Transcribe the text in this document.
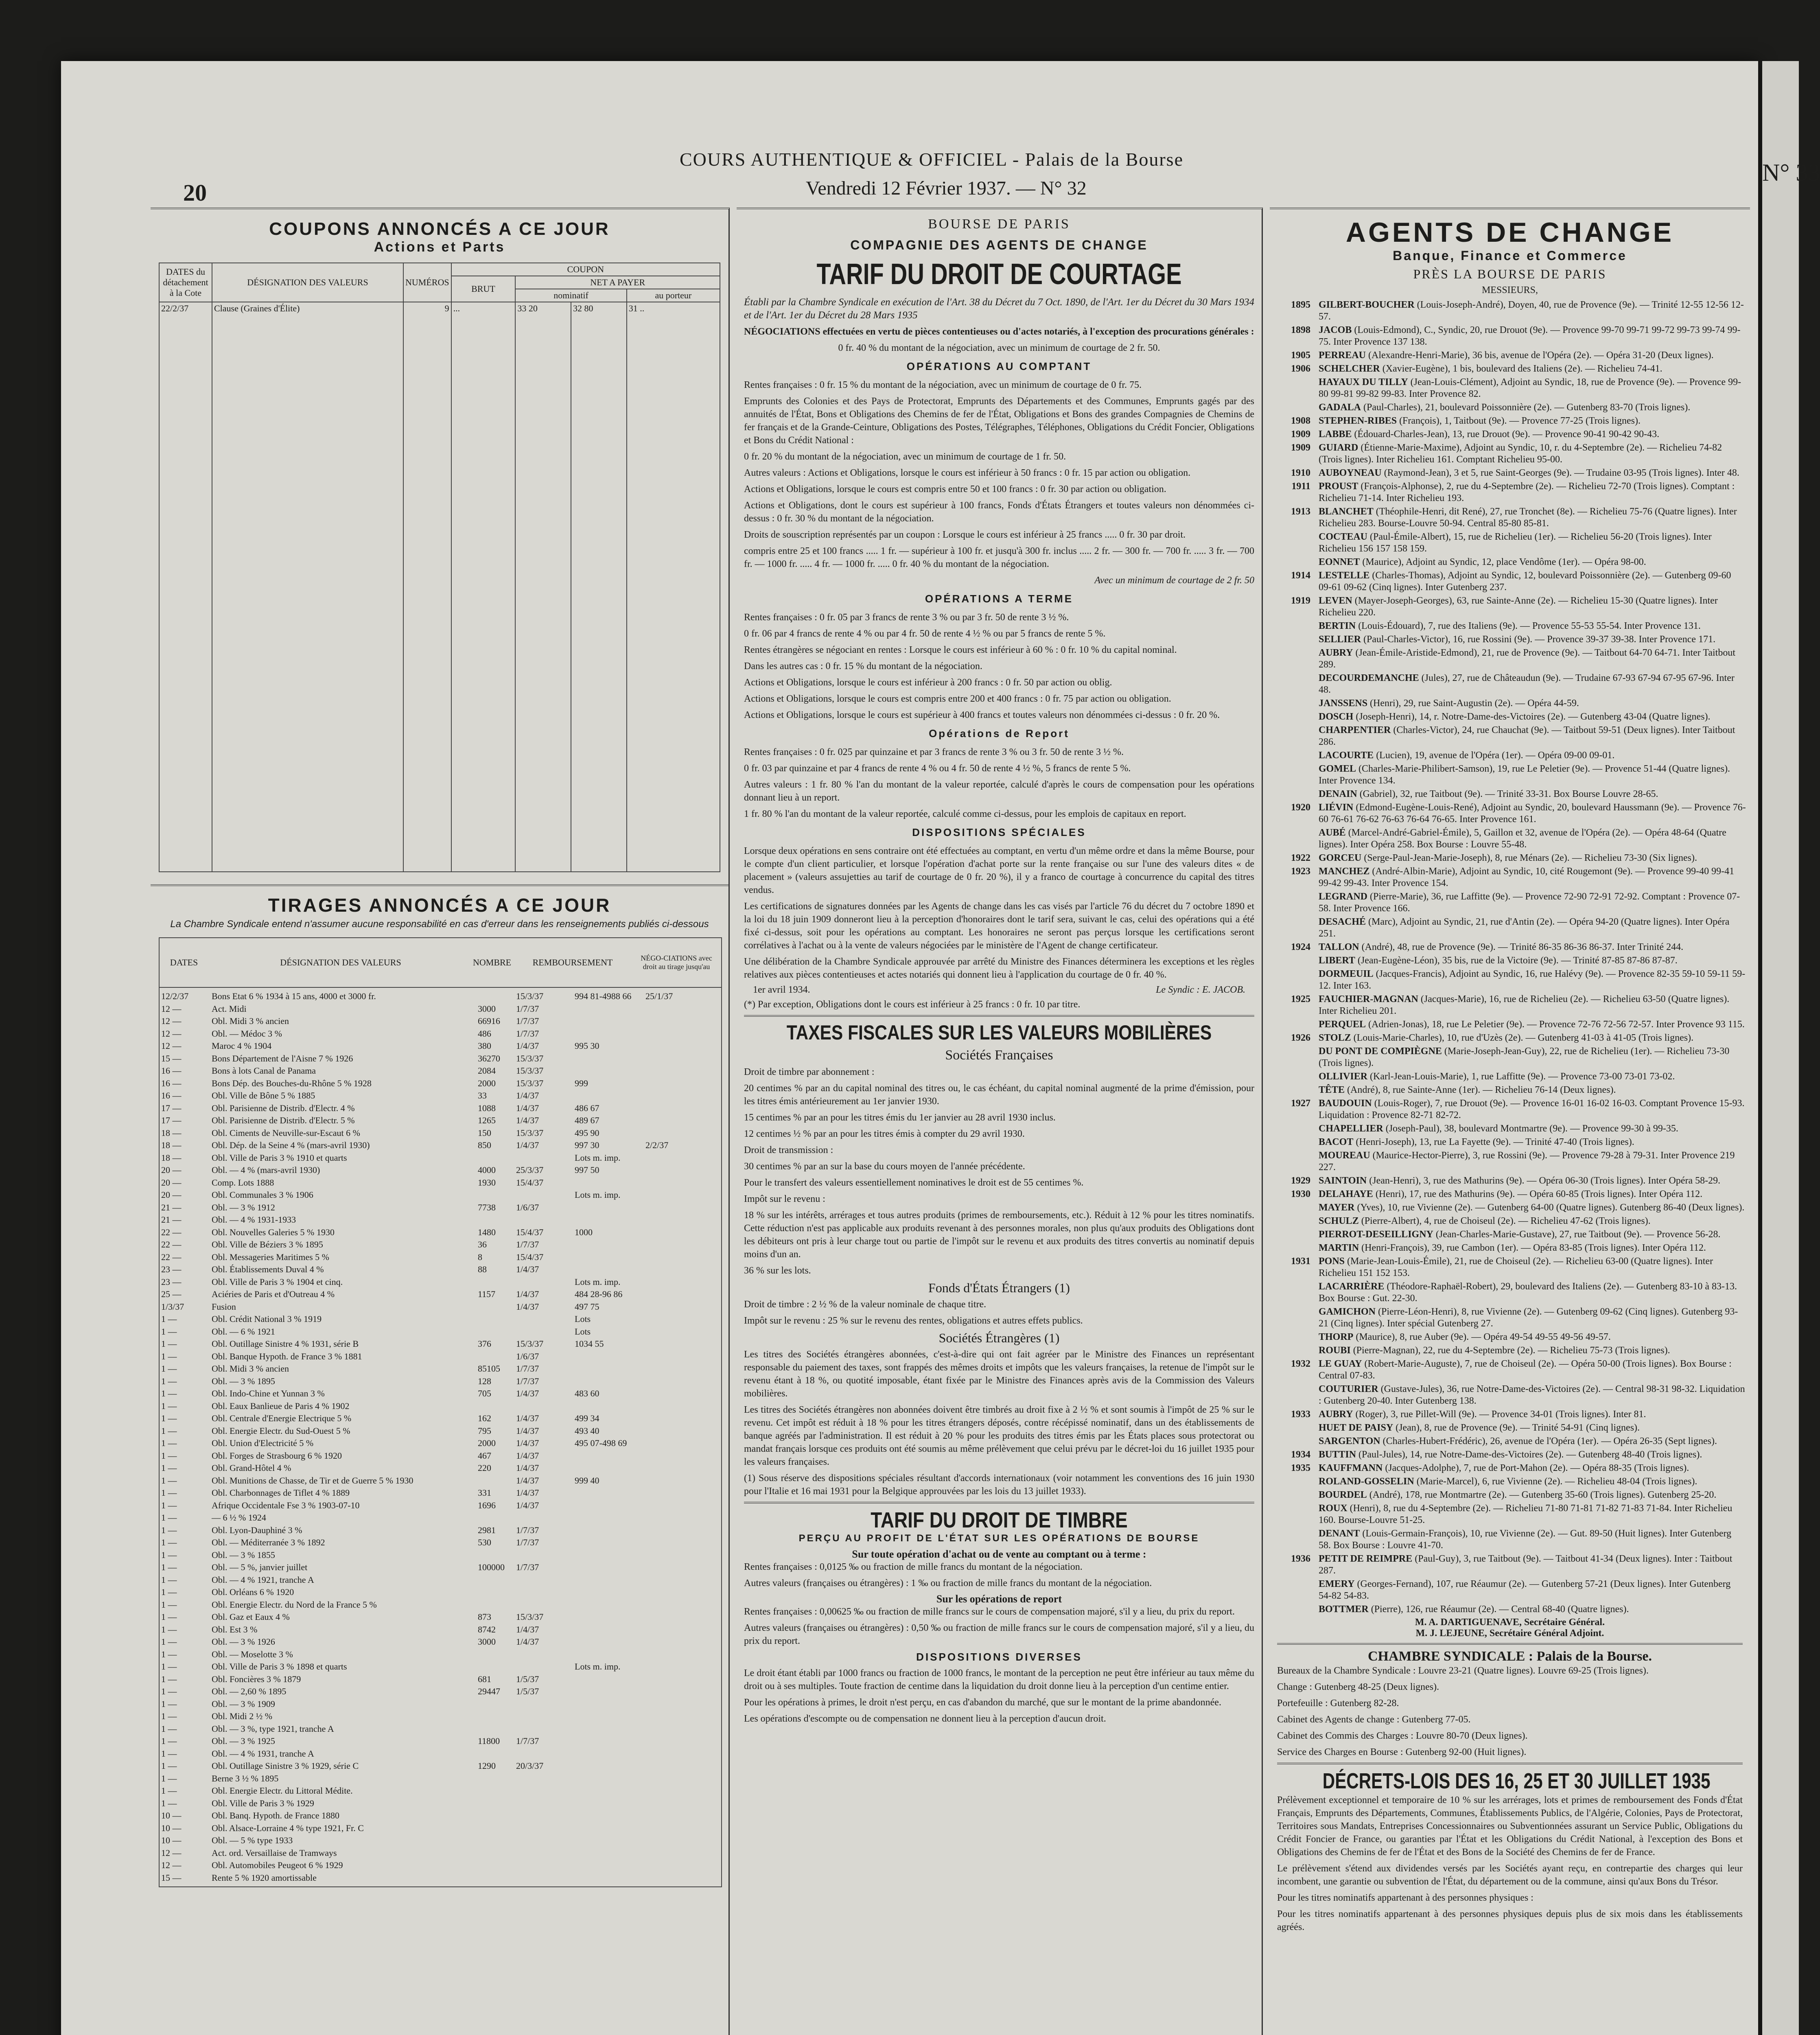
20
COURS AUTHENTIQUE & OFFICIEL - Palais de la Bourse
Vendredi 12 Février 1937. — N° 32
COUPONS ANNONCÉS A CE JOUR
Actions et Parts
DATES du détachement à la Cote	DÉSIGNATION DES VALEURS	NUMÉROS	COUPON			
			BRUT	NET A PAYER		
				nominatif		au porteur
22/2/37	Clause (Graines d'Élite)	9	...	33 20	32 80	31 ..
TIRAGES ANNONCÉS A CE JOUR
La Chambre Syndicale entend n'assumer aucune responsabilité en cas d'erreur dans les renseignements publiés ci-dessous
DATES	DÉSIGNATION DES VALEURS	NOMBRE	REMBOURSEMENT	NÉGO-CIATIONS avec droit au tirage jusqu'au
12/2/37	Bons Etat 6 % 1934 à 15 ans, 4000 et 3000 fr.	15/3/37	994 81-4988 66 25/1/37
12 —	Act. Midi	3000 1/7/37
12 —	Obl. Midi 3 % ancien	66916 1/7/37
12 —	Obl. — Médoc 3 %	486	1/7/37
12 —	Maroc 4 % 1904	380	1/4/37	995 30
15 —	Bons Département de l'Aisne 7 % 1926	36270 15/3/37
16 —	Bons à lots Canal de Panama	2084 15/3/37
16 —	Bons Dép. des Bouches-du-Rhône 5 % 1928	2000 15/3/37	999
16 —	Obl. Ville de Bône 5 % 1885	33	1/4/37
17 —	Obl. Parisienne de Distrib. d'Electr. 4 %	1088 1/4/37	486 67
17 —	Obl. Parisienne de Distrib. d'Electr. 5 %	1265 1/4/37	489 67
18 —	Obl. Ciments de Neuville-sur-Escaut 6 %	150	15/3/37	495 90
18 —	Obl. Dép. de la Seine 4 % (mars-avril 1930)	850	1/4/37	997 30	2/2/37
18 —	Obl. Ville de Paris 3 % 1910 et quarts	Lots m. imp.
20 —	Obl. — 4 % (mars-avril 1930)	4000 25/3/37	997 50
20 —	Comp. Lots 1888	1930 15/4/37
20 —	Obl. Communales 3 % 1906	Lots m. imp.
21 —	Obl. — 3 % 1912	7738 1/6/37
21 —	Obl. — 4 % 1931-1933
22 —	Obl. Nouvelles Galeries 5 % 1930	1480 15/4/37	1000
22 —	Obl. Ville de Béziers 3 % 1895	36	1/7/37
22 —	Obl. Messageries Maritimes 5 %	8	15/4/37
23 —	Obl. Établissements Duval 4 %	88	1/4/37
23 —	Obl. Ville de Paris 3 % 1904 et cinq.	Lots m. imp.
25 —	Aciéries de Paris et d'Outreau 4 %	1157 1/4/37	484 28-96 86
1/3/37	Fusion	1/4/37	497 75
1 —	Obl. Crédit National 3 % 1919	Lots
1 —	Obl. — 6 % 1921	Lots
1 —	Obl. Outillage Sinistre 4 % 1931, série B	376	15/3/37	1034 55
1 —	Obl. Banque Hypoth. de France 3 % 1881	1/6/37
1 —	Obl. Midi 3 % ancien	85105 1/7/37
1 —	Obl. — 3 % 1895	128	1/7/37
1 —	Obl. Indo-Chine et Yunnan 3 %	705	1/4/37	483 60
1 —	Obl. Eaux Banlieue de Paris 4 % 1902
1 —	Obl. Centrale d'Energie Electrique 5 %	162	1/4/37	499 34
1 —	Obl. Energie Electr. du Sud-Ouest 5 %	795	1/4/37	493 40
1 —	Obl. Union d'Electricité 5 %	2000 1/4/37	495 07-498 69
1 —	Obl. Forges de Strasbourg 6 % 1920	467	1/4/37
1 —	Obl. Grand-Hôtel 4 %	220	1/4/37
1 —	Obl. Munitions de Chasse, de Tir et de Guerre 5 % 1930	1/4/37	999 40
1 —	Obl. Charbonnages de Tiflet 4 % 1889	331	1/4/37
1 —	Afrique Occidentale Fse 3 % 1903-07-10	1696 1/4/37
1 —	— 6 ½ % 1924
1 —	Obl. Lyon-Dauphiné 3 %	2981 1/7/37
1 —	Obl. — Méditerranée 3 % 1892	530	1/7/37
1 —	Obl. — 3 % 1855
1 —	Obl. — 5 %, janvier juillet	100000 1/7/37
1 —	Obl. — 4 % 1921, tranche A
1 —	Obl. Orléans 6 % 1920
1 —	Obl. Energie Electr. du Nord de la France 5 %
1 —	Obl. Gaz et Eaux 4 %	873	15/3/37
1 —	Obl. Est 3 %	8742 1/4/37
1 —	Obl. — 3 % 1926	3000 1/4/37
1 —	Obl. — Moselotte 3 %
1 —	Obl. Ville de Paris 3 % 1898 et quarts	Lots m. imp.
1 —	Obl. Foncières 3 % 1879	681	1/5/37
1 —	Obl. — 2,60 % 1895	29447 1/5/37
1 —	Obl. — 3 % 1909
1 —	Obl. Midi 2 ½ %
1 —	Obl. — 3 %, type 1921, tranche A
1 —	Obl. — 3 % 1925	11800 1/7/37
1 —	Obl. — 4 % 1931, tranche A
1 —	Obl. Outillage Sinistre 3 % 1929, série C	1290 20/3/37
1 —	Berne 3 ½ % 1895
1 —	Obl. Energie Electr. du Littoral Médite.
1 —	Obl. Ville de Paris 3 % 1929
10 —	Obl. Banq. Hypoth. de France 1880
10 —	Obl. Alsace-Lorraine 4 % type 1921, Fr. C
10 —	Obl. — 5 % type 1933
12 —	Act. ord. Versaillaise de Tramways
12 —	Obl. Automobiles Peugeot 6 % 1929
15 —	Rente 5 % 1920 amortissable
BOURSE DE PARIS
COMPAGNIE DES AGENTS DE CHANGE
TARIF DU DROIT DE COURTAGE
Établi par la Chambre Syndicale en exécution de l'Art. 38 du Décret du 7 Oct. 1890, de l'Art. 1er du Décret du 30 Mars 1934 et de l'Art. 1er du Décret du 28 Mars 1935
NÉGOCIATIONS effectuées en vertu de pièces contentieuses ou d'actes notariés, à l'exception des procurations générales :
0 fr. 40 % du montant de la négociation, avec un minimum de courtage de 2 fr. 50.
OPÉRATIONS AU COMPTANT
Rentes françaises : 0 fr. 15 % du montant de la négociation, avec un minimum de courtage de 0 fr. 75.
Emprunts des Colonies et des Pays de Protectorat, Emprunts des Départements et des Communes, Emprunts gagés par des annuités de l'État, Bons et Obligations des Chemins de fer de l'État, Obligations et Bons des grandes Compagnies de Chemins de fer français et de la Grande-Ceinture, Obligations des Postes, Télégraphes, Téléphones, Obligations du Crédit Foncier, Obligations et Bons du Crédit National :
0 fr. 20 % du montant de la négociation, avec un minimum de courtage de 1 fr. 50.
Autres valeurs : Actions et Obligations, lorsque le cours est inférieur à 50 francs : 0 fr. 15 par action ou obligation.
Actions et Obligations, lorsque le cours est compris entre 50 et 100 francs : 0 fr. 30 par action ou obligation.
Actions et Obligations, dont le cours est supérieur à 100 francs, Fonds d'États Étrangers et toutes valeurs non dénommées ci-dessus : 0 fr. 30 % du montant de la négociation.
Droits de souscription représentés par un coupon : Lorsque le cours est inférieur à 25 francs ..... 0 fr. 30 par droit.
compris entre 25 et 100 francs ..... 1 fr. — supérieur à 100 fr. et jusqu'à 300 fr. inclus ..... 2 fr. — 300 fr. — 700 fr. ..... 3 fr. — 700 fr. — 1000 fr. ..... 4 fr. — 1000 fr. ..... 0 fr. 40 % du montant de la négociation.
Avec un minimum de courtage de 2 fr. 50
OPÉRATIONS A TERME
Rentes françaises : 0 fr. 05 par 3 francs de rente 3 % ou par 3 fr. 50 de rente 3 ½ %.
0 fr. 06 par 4 francs de rente 4 % ou par 4 fr. 50 de rente 4 ½ % ou par 5 francs de rente 5 %.
Rentes étrangères se négociant en rentes : Lorsque le cours est inférieur à 60 % : 0 fr. 10 % du capital nominal.
Dans les autres cas : 0 fr. 15 % du montant de la négociation.
Actions et Obligations, lorsque le cours est inférieur à 200 francs : 0 fr. 50 par action ou oblig.
Actions et Obligations, lorsque le cours est compris entre 200 et 400 francs : 0 fr. 75 par action ou obligation.
Actions et Obligations, lorsque le cours est supérieur à 400 francs et toutes valeurs non dénommées ci-dessus : 0 fr. 20 %.
Opérations de Report
Rentes françaises : 0 fr. 025 par quinzaine et par 3 francs de rente 3 % ou 3 fr. 50 de rente 3 ½ %.
0 fr. 03 par quinzaine et par 4 francs de rente 4 % ou 4 fr. 50 de rente 4 ½ %, 5 francs de rente 5 %.
Autres valeurs : 1 fr. 80 % l'an du montant de la valeur reportée, calculé d'après le cours de compensation pour les opérations donnant lieu à un report.
1 fr. 80 % l'an du montant de la valeur reportée, calculé comme ci-dessus, pour les emplois de capitaux en report.
DISPOSITIONS SPÉCIALES
Lorsque deux opérations en sens contraire ont été effectuées au comptant, en vertu d'un même ordre et dans la même Bourse, pour le compte d'un client particulier, et lorsque l'opération d'achat porte sur la rente française ou sur l'une des valeurs dites « de placement » (valeurs assujetties au tarif de courtage de 0 fr. 20 %), il y a franco de courtage à concurrence du capital des titres vendus.
Les certifications de signatures données par les Agents de change dans les cas visés par l'article 76 du décret du 7 octobre 1890 et la loi du 18 juin 1909 donneront lieu à la perception d'honoraires dont le tarif sera, suivant le cas, celui des opérations qui a été fixé ci-dessus, soit pour les opérations au comptant. Les honoraires ne seront pas perçus lorsque les certifications seront corrélatives à l'achat ou à la vente de valeurs négociées par le ministère de l'Agent de change certificateur.
Une délibération de la Chambre Syndicale approuvée par arrêté du Ministre des Finances déterminera les exceptions et les règles relatives aux pièces contentieuses et actes notariés qui donnent lieu à l'application du courtage de 0 fr. 40 %.
1er avril 1934.	Le Syndic : E. JACOB.
(*) Par exception, Obligations dont le cours est inférieur à 25 francs : 0 fr. 10 par titre.
TAXES FISCALES SUR LES VALEURS MOBILIÈRES
Sociétés Françaises
Droit de timbre par abonnement :
20 centimes % par an du capital nominal des titres ou, le cas échéant, du capital nominal augmenté de la prime d'émission, pour les titres émis antérieurement au 1er janvier 1930.
15 centimes % par an pour les titres émis du 1er janvier au 28 avril 1930 inclus.
12 centimes ½ % par an pour les titres émis à compter du 29 avril 1930.
Droit de transmission :
30 centimes % par an sur la base du cours moyen de l'année précédente.
Pour le transfert des valeurs essentiellement nominatives le droit est de 55 centimes %.
Impôt sur le revenu :
18 % sur les intérêts, arrérages et tous autres produits (primes de remboursements, etc.). Réduit à 12 % pour les titres nominatifs. Cette réduction n'est pas applicable aux produits revenant à des personnes morales, non plus qu'aux produits des Obligations dont les débiteurs ont pris à leur charge tout ou partie de l'impôt sur le revenu et aux produits des titres convertis au nominatif depuis moins d'un an.
36 % sur les lots.
Fonds d'États Étrangers (1)
Droit de timbre : 2 ½ % de la valeur nominale de chaque titre.
Impôt sur le revenu : 25 % sur le revenu des rentes, obligations et autres effets publics.
Sociétés Étrangères (1)
Les titres des Sociétés étrangères abonnées, c'est-à-dire qui ont fait agréer par le Ministre des Finances un représentant responsable du paiement des taxes, sont frappés des mêmes droits et impôts que les valeurs françaises, la retenue de l'impôt sur le revenu étant à 18 %, ou quotité imposable, étant fixée par le Ministre des Finances après avis de la Commission des Valeurs mobilières.
Les titres des Sociétés étrangères non abonnées doivent être timbrés au droit fixe à 2 ½ % et sont soumis à l'impôt de 25 % sur le revenu. Cet impôt est réduit à 18 % pour les titres étrangers déposés, contre récépissé nominatif, dans un des établissements de banque agréés par l'administration. Il est réduit à 20 % pour les produits des titres émis par les États places sous protectorat ou mandat français lorsque ces produits ont été soumis au même prélèvement que celui prévu par le décret-loi du 16 juillet 1935 pour les valeurs françaises.
(1) Sous réserve des dispositions spéciales résultant d'accords internationaux (voir notamment les conventions des 16 juin 1930 pour l'Italie et 16 mai 1931 pour la Belgique approuvées par les lois du 13 juillet 1933).
TARIF DU DROIT DE TIMBRE
PERÇU AU PROFIT DE L'ÉTAT SUR LES OPÉRATIONS DE BOURSE
Sur toute opération d'achat ou de vente au comptant ou à terme :
Rentes françaises : 0,0125 ‰ ou fraction de mille francs du montant de la négociation.
Autres valeurs (françaises ou étrangères) : 1 ‰ ou fraction de mille francs du montant de la négociation.
Sur les opérations de report
Rentes françaises : 0,00625 ‰ ou fraction de mille francs sur le cours de compensation majoré, s'il y a lieu, du prix du report.
Autres valeurs (françaises ou étrangères) : 0,50 ‰ ou fraction de mille francs sur le cours de compensation majoré, s'il y a lieu, du prix du report.
DISPOSITIONS DIVERSES
Le droit étant établi par 1000 francs ou fraction de 1000 francs, le montant de la perception ne peut être inférieur au taux même du droit ou à ses multiples. Toute fraction de centime dans la liquidation du droit donne lieu à la perception d'un centime entier.
Pour les opérations à primes, le droit n'est perçu, en cas d'abandon du marché, que sur le montant de la prime abandonnée.
Les opérations d'escompte ou de compensation ne donnent lieu à la perception d'aucun droit.
AGENTS DE CHANGE
Banque, Finance et Commerce
PRÈS LA BOURSE DE PARIS
MESSIEURS,
1895 GILBERT-BOUCHER (Louis-Joseph-André), Doyen, 40, rue de Provence (9e). — Trinité 12-55 12-56 12-57.
1898 JACOB (Louis-Edmond), C., Syndic, 20, rue Drouot (9e). — Provence 99-70 99-71 99-72 99-73 99-74 99-75. Inter Provence 137 138.
1905 PERREAU (Alexandre-Henri-Marie), 36 bis, avenue de l'Opéra (2e). — Opéra 31-20 (Deux lignes).
1906 SCHELCHER (Xavier-Eugène), 1 bis, boulevard des Italiens (2e). — Richelieu 74-41.
HAYAUX DU TILLY (Jean-Louis-Clément), Adjoint au Syndic, 18, rue de Provence (9e). — Provence 99-80 99-81 99-82 99-83. Inter Provence 82.
GADALA (Paul-Charles), 21, boulevard Poissonnière (2e). — Gutenberg 83-70 (Trois lignes).
1908 STEPHEN-RIBES (François), 1, Taitbout (9e). — Provence 77-25 (Trois lignes).
1909 LABBE (Édouard-Charles-Jean), 13, rue Drouot (9e). — Provence 90-41 90-42 90-43.
1909 GUIARD (Étienne-Marie-Maxime), Adjoint au Syndic, 10, r. du 4-Septembre (2e). — Richelieu 74-82 (Trois lignes). Inter Richelieu 161. Comptant Richelieu 95-00.
1910 AUBOYNEAU (Raymond-Jean), 3 et 5, rue Saint-Georges (9e). — Trudaine 03-95 (Trois lignes). Inter 48.
1911 PROUST (François-Alphonse), 2, rue du 4-Septembre (2e). — Richelieu 72-70 (Trois lignes). Comptant : Richelieu 71-14. Inter Richelieu 193.
1913 BLANCHET (Théophile-Henri, dit René), 27, rue Tronchet (8e). — Richelieu 75-76 (Quatre lignes). Inter Richelieu 283. Bourse-Louvre 50-94. Central 85-80 85-81.
COCTEAU (Paul-Émile-Albert), 15, rue de Richelieu (1er). — Richelieu 56-20 (Trois lignes). Inter Richelieu 156 157 158 159.
EONNET (Maurice), Adjoint au Syndic, 12, place Vendôme (1er). — Opéra 98-00.
1914 LESTELLE (Charles-Thomas), Adjoint au Syndic, 12, boulevard Poissonnière (2e). — Gutenberg 09-60 09-61 09-62 (Cinq lignes). Inter Gutenberg 237.
1919 LEVEN (Mayer-Joseph-Georges), 63, rue Sainte-Anne (2e). — Richelieu 15-30 (Quatre lignes). Inter Richelieu 220.
BERTIN (Louis-Édouard), 7, rue des Italiens (9e). — Provence 55-53 55-54. Inter Provence 131.
SELLIER (Paul-Charles-Victor), 16, rue Rossini (9e). — Provence 39-37 39-38. Inter Provence 171.
AUBRY (Jean-Émile-Aristide-Edmond), 21, rue de Provence (9e). — Taitbout 64-70 64-71. Inter Taitbout 289.
DECOURDEMANCHE (Jules), 27, rue de Châteaudun (9e). — Trudaine 67-93 67-94 67-95 67-96. Inter 48.
JANSSENS (Henri), 29, rue Saint-Augustin (2e). — Opéra 44-59.
DOSCH (Joseph-Henri), 14, r. Notre-Dame-des-Victoires (2e). — Gutenberg 43-04 (Quatre lignes).
CHARPENTIER (Charles-Victor), 24, rue Chauchat (9e). — Taitbout 59-51 (Deux lignes). Inter Taitbout 286.
LACOURTE (Lucien), 19, avenue de l'Opéra (1er). — Opéra 09-00 09-01.
GOMEL (Charles-Marie-Philibert-Samson), 19, rue Le Peletier (9e). — Provence 51-44 (Quatre lignes). Inter Provence 134.
DENAIN (Gabriel), 32, rue Taitbout (9e). — Trinité 33-31. Box Bourse Louvre 28-65.
1920 LIÉVIN (Edmond-Eugène-Louis-René), Adjoint au Syndic, 20, boulevard Haussmann (9e). — Provence 76-60 76-61 76-62 76-63 76-64 76-65. Inter Provence 161.
AUBÉ (Marcel-André-Gabriel-Émile), 5, Gaillon et 32, avenue de l'Opéra (2e). — Opéra 48-64 (Quatre lignes). Inter Opéra 258. Box Bourse : Louvre 55-48.
1922 GORCEU (Serge-Paul-Jean-Marie-Joseph), 8, rue Ménars (2e). — Richelieu 73-30 (Six lignes).
1923 MANCHEZ (André-Albin-Marie), Adjoint au Syndic, 10, cité Rougemont (9e). — Provence 99-40 99-41 99-42 99-43. Inter Provence 154.
LEGRAND (Pierre-Marie), 36, rue Laffitte (9e). — Provence 72-90 72-91 72-92. Comptant : Provence 07-58. Inter Provence 166.
DESACHÉ (Marc), Adjoint au Syndic, 21, rue d'Antin (2e). — Opéra 94-20 (Quatre lignes). Inter Opéra 251.
1924 TALLON (André), 48, rue de Provence (9e). — Trinité 86-35 86-36 86-37. Inter Trinité 244.
LIBERT (Jean-Eugène-Léon), 35 bis, rue de la Victoire (9e). — Trinité 87-85 87-86 87-87.
DORMEUIL (Jacques-Francis), Adjoint au Syndic, 16, rue Halévy (9e). — Provence 82-35 59-10 59-11 59-12. Inter 163.
1925 FAUCHIER-MAGNAN (Jacques-Marie), 16, rue de Richelieu (2e). — Richelieu 63-50 (Quatre lignes). Inter Richelieu 201.
PERQUEL (Adrien-Jonas), 18, rue Le Peletier (9e). — Provence 72-76 72-56 72-57. Inter Provence 93 115.
1926 STOLZ (Louis-Marie-Charles), 10, rue d'Uzès (2e). — Gutenberg 41-03 à 41-05 (Trois lignes).
DU PONT DE COMPIÈGNE (Marie-Joseph-Jean-Guy), 22, rue de Richelieu (1er). — Richelieu 73-30 (Trois lignes).
OLLIVIER (Karl-Jean-Louis-Marie), 1, rue Laffitte (9e). — Provence 73-00 73-01 73-02.
TÊTE (André), 8, rue Sainte-Anne (1er). — Richelieu 76-14 (Deux lignes).
1927 BAUDOUIN (Louis-Roger), 7, rue Drouot (9e). — Provence 16-01 16-02 16-03. Comptant Provence 15-93. Liquidation : Provence 82-71 82-72.
CHAPELLIER (Joseph-Paul), 38, boulevard Montmartre (9e). — Provence 99-30 à 99-35.
BACOT (Henri-Joseph), 13, rue La Fayette (9e). — Trinité 47-40 (Trois lignes).
MOUREAU (Maurice-Hector-Pierre), 3, rue Rossini (9e). — Provence 79-28 à 79-31. Inter Provence 219 227.
1929 SAINTOIN (Jean-Henri), 3, rue des Mathurins (9e). — Opéra 06-30 (Trois lignes). Inter Opéra 58-29.
1930 DELAHAYE (Henri), 17, rue des Mathurins (9e). — Opéra 60-85 (Trois lignes). Inter Opéra 112.
MAYER (Yves), 10, rue Vivienne (2e). — Gutenberg 64-00 (Quatre lignes). Gutenberg 86-40 (Deux lignes).
SCHULZ (Pierre-Albert), 4, rue de Choiseul (2e). — Richelieu 47-62 (Trois lignes).
PIERROT-DESEILLIGNY (Jean-Charles-Marie-Gustave), 27, rue Taitbout (9e). — Provence 56-28.
MARTIN (Henri-François), 39, rue Cambon (1er). — Opéra 83-85 (Trois lignes). Inter Opéra 112.
1931 PONS (Marie-Jean-Louis-Émile), 21, rue de Choiseul (2e). — Richelieu 63-00 (Quatre lignes). Inter Richelieu 151 152 153.
LACARRIÈRE (Théodore-Raphaël-Robert), 29, boulevard des Italiens (2e). — Gutenberg 83-10 à 83-13. Box Bourse : Gut. 22-30.
GAMICHON (Pierre-Léon-Henri), 8, rue Vivienne (2e). — Gutenberg 09-62 (Cinq lignes). Gutenberg 93-21 (Cinq lignes). Inter spécial Gutenberg 27.
THORP (Maurice), 8, rue Auber (9e). — Opéra 49-54 49-55 49-56 49-57.
ROUBI (Pierre-Magnan), 22, rue du 4-Septembre (2e). — Richelieu 75-73 (Trois lignes).
1932 LE GUAY (Robert-Marie-Auguste), 7, rue de Choiseul (2e). — Opéra 50-00 (Trois lignes). Box Bourse : Central 07-83.
COUTURIER (Gustave-Jules), 36, rue Notre-Dame-des-Victoires (2e). — Central 98-31 98-32. Liquidation : Gutenberg 20-40. Inter Gutenberg 138.
1933 AUBRY (Roger), 3, rue Pillet-Will (9e). — Provence 34-01 (Trois lignes). Inter 81.
HUET DE PAISY (Jean), 8, rue de Provence (9e). — Trinité 54-91 (Cinq lignes).
SARGENTON (Charles-Hubert-Frédéric), 26, avenue de l'Opéra (1er). — Opéra 26-35 (Sept lignes).
1934 BUTTIN (Paul-Jules), 14, rue Notre-Dame-des-Victoires (2e). — Gutenberg 48-40 (Trois lignes).
1935 KAUFFMANN (Jacques-Adolphe), 7, rue de Port-Mahon (2e). — Opéra 88-35 (Trois lignes).
ROLAND-GOSSELIN (Marie-Marcel), 6, rue Vivienne (2e). — Richelieu 48-04 (Trois lignes).
BOURDEL (André), 178, rue Montmartre (2e). — Gutenberg 35-60 (Trois lignes). Gutenberg 25-20.
ROUX (Henri), 8, rue du 4-Septembre (2e). — Richelieu 71-80 71-81 71-82 71-83 71-84. Inter Richelieu 160. Bourse-Louvre 51-25.
DENANT (Louis-Germain-François), 10, rue Vivienne (2e). — Gut. 89-50 (Huit lignes). Inter Gutenberg 58. Box Bourse : Louvre 41-70.
1936 PETIT DE REIMPRE (Paul-Guy), 3, rue Taitbout (9e). — Taitbout 41-34 (Deux lignes). Inter : Taitbout 287.
EMERY (Georges-Fernand), 107, rue Réaumur (2e). — Gutenberg 57-21 (Deux lignes). Inter Gutenberg 54-82 54-83.
BOTTMER (Pierre), 126, rue Réaumur (2e). — Central 68-40 (Quatre lignes).
M. A. DARTIGUENAVE, Secrétaire Général.
M. J. LEJEUNE, Secrétaire Général Adjoint.
CHAMBRE SYNDICALE : Palais de la Bourse.
Bureaux de la Chambre Syndicale : Louvre 23-21 (Quatre lignes). Louvre 69-25 (Trois lignes).
Change : Gutenberg 48-25 (Deux lignes).
Portefeuille : Gutenberg 82-28.
Cabinet des Agents de change : Gutenberg 77-05.
Cabinet des Commis des Charges : Louvre 80-70 (Deux lignes).
Service des Charges en Bourse : Gutenberg 92-00 (Huit lignes).
DÉCRETS-LOIS DES 16, 25 ET 30 JUILLET 1935
Prélèvement exceptionnel et temporaire de 10 % sur les arrérages, lots et primes de remboursement des Fonds d'État Français, Emprunts des Départements, Communes, Établissements Publics, de l'Algérie, Colonies, Pays de Protectorat, Territoires sous Mandats, Entreprises Concessionnaires ou Subventionnées assurant un Service Public, Obligations du Crédit Foncier de France, ou garanties par l'État et les Obligations du Crédit National, à l'exception des Bons et Obligations des Chemins de fer de l'État et des Bons de la Société des Chemins de fer de France.
Le prélèvement s'étend aux dividendes versés par les Sociétés ayant reçu, en contrepartie des charges qui leur incombent, une garantie ou subvention de l'État, du département ou de la commune, ainsi qu'aux Bons du Trésor.
Pour les titres nominatifs appartenant à des personnes physiques :
Pour les titres nominatifs appartenant à des personnes physiques depuis plus de six mois dans les établissements agréés.
N° 33
